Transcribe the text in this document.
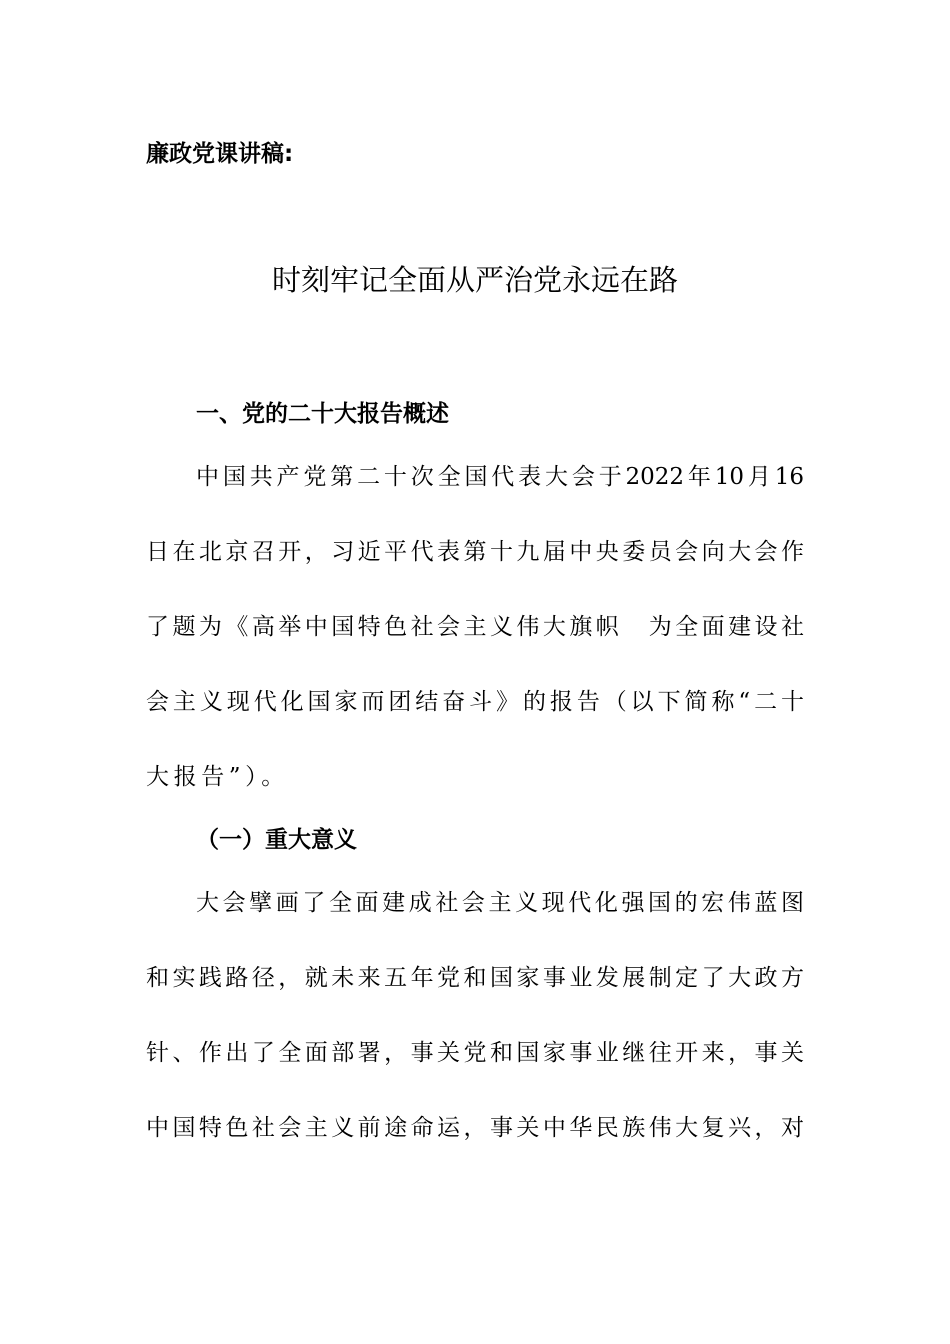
廉政党课讲稿:
时刻牢记全面从严治党永远在路
一、党的二十大报告概述
中国共产党第二十次全国代表大会于2022年10月16
日在北京召开，习近平代表第十九届中央委员会向大会作
了题为《高举中国特色社会主义伟大旗帜　为全面建设社
会主义现代化国家而团结奋斗》的报告（以下简称“二十
大报告”）。
（一）重大意义
大会擘画了全面建成社会主义现代化强国的宏伟蓝图
和实践路径，就未来五年党和国家事业发展制定了大政方
针、作出了全面部署，事关党和国家事业继往开来，事关
中国特色社会主义前途命运，事关中华民族伟大复兴，对
